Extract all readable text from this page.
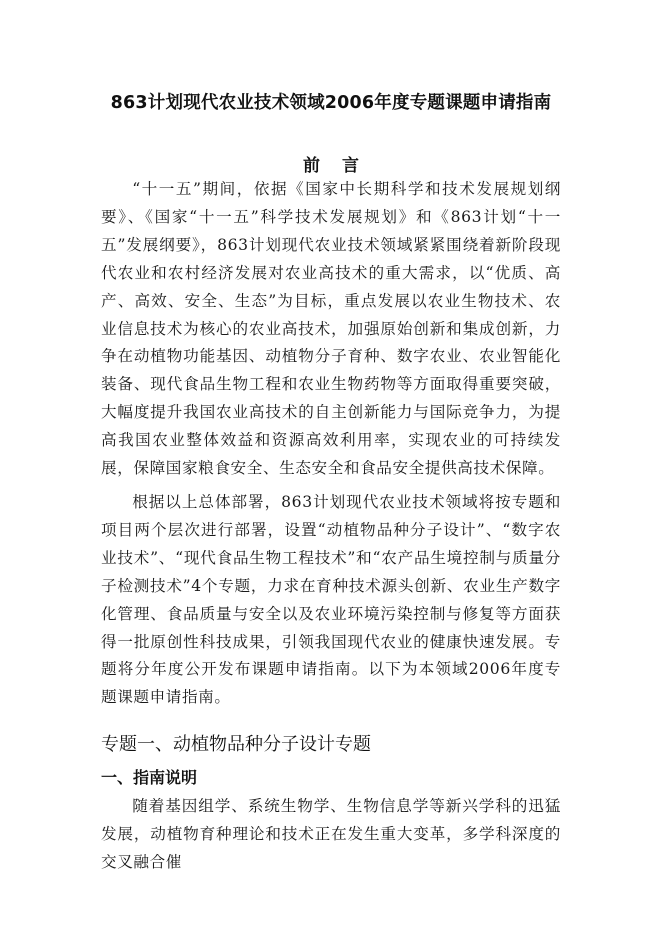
863计划现代农业技术领域2006年度专题课题申请指南
前言
“十一五”期间，依据《国家中长期科学和技术发展规划纲要》、《国家“十一五”科学技术发展规划》和《863计划“十一五”发展纲要》，863计划现代农业技术领域紧紧围绕着新阶段现代农业和农村经济发展对农业高技术的重大需求，以“优质、高产、高效、安全、生态”为目标，重点发展以农业生物技术、农业信息技术为核心的农业高技术，加强原始创新和集成创新，力争在动植物功能基因、动植物分子育种、数字农业、农业智能化装备、现代食品生物工程和农业生物药物等方面取得重要突破，大幅度提升我国农业高技术的自主创新能力与国际竞争力，为提高我国农业整体效益和资源高效利用率，实现农业的可持续发展，保障国家粮食安全、生态安全和食品安全提供高技术保障。
根据以上总体部署，863计划现代农业技术领域将按专题和项目两个层次进行部署，设置“动植物品种分子设计”、“数字农业技术”、“现代食品生物工程技术”和“农产品生境控制与质量分子检测技术”4个专题，力求在育种技术源头创新、农业生产数字化管理、食品质量与安全以及农业环境污染控制与修复等方面获得一批原创性科技成果，引领我国现代农业的健康快速发展。专题将分年度公开发布课题申请指南。以下为本领域2006年度专题课题申请指南。
专题一、动植物品种分子设计专题
一、指南说明
随着基因组学、系统生物学、生物信息学等新兴学科的迅猛发展，动植物育种理论和技术正在发生重大变革，多学科深度的交叉融合催
